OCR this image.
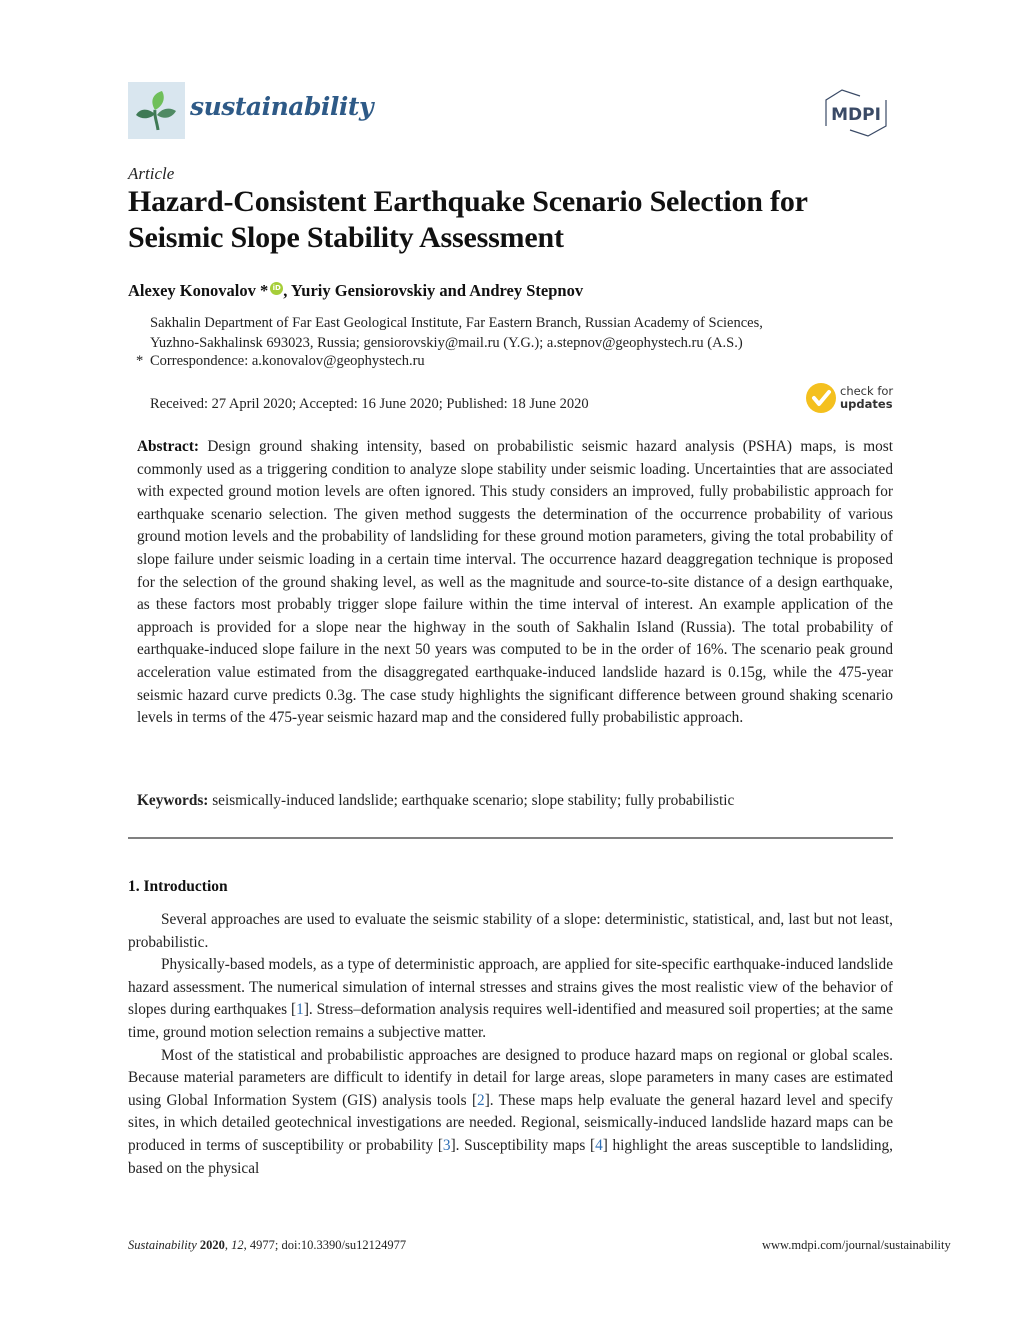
sustainability	MDPI
Article
Hazard-Consistent Earthquake Scenario Selection for Seismic Slope Stability Assessment
Alexey Konovalov * iD , Yuriy Gensiorovskiy and Andrey Stepnov
Sakhalin Department of Far East Geological Institute, Far Eastern Branch, Russian Academy of Sciences,
Yuzhno-Sakhalinsk 693023, Russia; gensiorovskiy@mail.ru (Y.G.); a.stepnov@geophystech.ru (A.S.)
* Correspondence: a.konovalov@geophystech.ru
Received: 27 April 2020; Accepted: 16 June 2020; Published: 18 June 2020
check for
updates
Abstract: Design ground shaking intensity, based on probabilistic seismic hazard analysis (PSHA) maps, is most commonly used as a triggering condition to analyze slope stability under seismic loading. Uncertainties that are associated with expected ground motion levels are often ignored. This study considers an improved, fully probabilistic approach for earthquake scenario selection. The given method suggests the determination of the occurrence probability of various ground motion levels and the probability of landsliding for these ground motion parameters, giving the total probability of slope failure under seismic loading in a certain time interval. The occurrence hazard deaggregation technique is proposed for the selection of the ground shaking level, as well as the magnitude and source-to-site distance of a design earthquake, as these factors most probably trigger slope failure within the time interval of interest. An example application of the approach is provided for a slope near the highway in the south of Sakhalin Island (Russia). The total probability of earthquake-induced slope failure in the next 50 years was computed to be in the order of 16%. The scenario peak ground acceleration value estimated from the disaggregated earthquake-induced landslide hazard is 0.15g, while the 475-year seismic hazard curve predicts 0.3g. The case study highlights the significant difference between ground shaking scenario levels in terms of the 475-year seismic hazard map and the considered fully probabilistic approach.
Keywords: seismically-induced landslide; earthquake scenario; slope stability; fully probabilistic
1. Introduction

Several approaches are used to evaluate the seismic stability of a slope: deterministic, statistical, and, last but not least, probabilistic.

Physically-based models, as a type of deterministic approach, are applied for site-specific earthquake-induced landslide hazard assessment. The numerical simulation of internal stresses and strains gives the most realistic view of the behavior of slopes during earthquakes [1]. Stress–deformation analysis requires well-identified and measured soil properties; at the same time, ground motion selection remains a subjective matter.

Most of the statistical and probabilistic approaches are designed to produce hazard maps on regional or global scales. Because material parameters are difficult to identify in detail for large areas, slope parameters in many cases are estimated using Global Information System (GIS) analysis tools [2]. These maps help evaluate the general hazard level and specify sites, in which detailed geotechnical investigations are needed. Regional, seismically-induced landslide hazard maps can be produced in terms of susceptibility or probability [3]. Susceptibility maps [4] highlight the areas susceptible to landsliding, based on the physical

Sustainability 2020, 12, 4977; doi:10.3390/su12124977	www.mdpi.com/journal/sustainability
